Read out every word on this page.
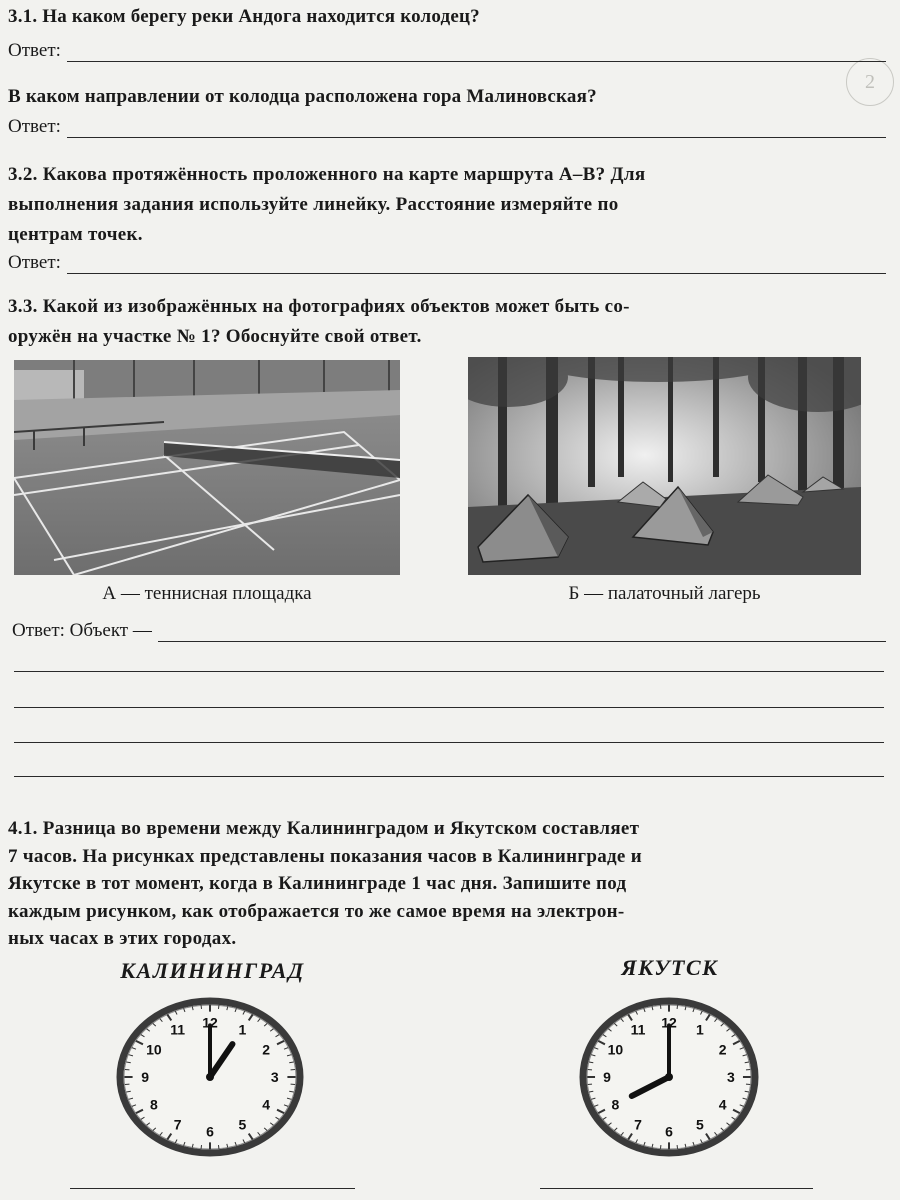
2
3.1. На каком берегу реки Андога находится колодец?
Ответ:
В каком направлении от колодца расположена гора Малиновская?
Ответ:
3.2. Какова протяжённость проложенного на карте маршрута А–В? Для
выполнения задания используйте линейку. Расстояние измеряйте по
центрам точек.
Ответ:
3.3. Какой из изображённых на фотографиях объектов может быть со-
оружён на участке № 1? Обоснуйте свой ответ.
А — теннисная площадка	Б — палаточный лагерь
Ответ: Объект —
4.1. Разница во времени между Калининградом и Якутском составляет
7 часов. На рисунках представлены показания часов в Калининграде и
Якутске в тот момент, когда в Калининграде 1 час дня. Запишите под
каждым рисунком, как отображается то же самое время на электрон-
ных часах в этих городах.
КАЛИНИНГРАД	ЯКУТСК
12 1
2
3
4
5
6
7
8
9
10
11	12 1
2
3
4
5
6
7
8
9
10
11
